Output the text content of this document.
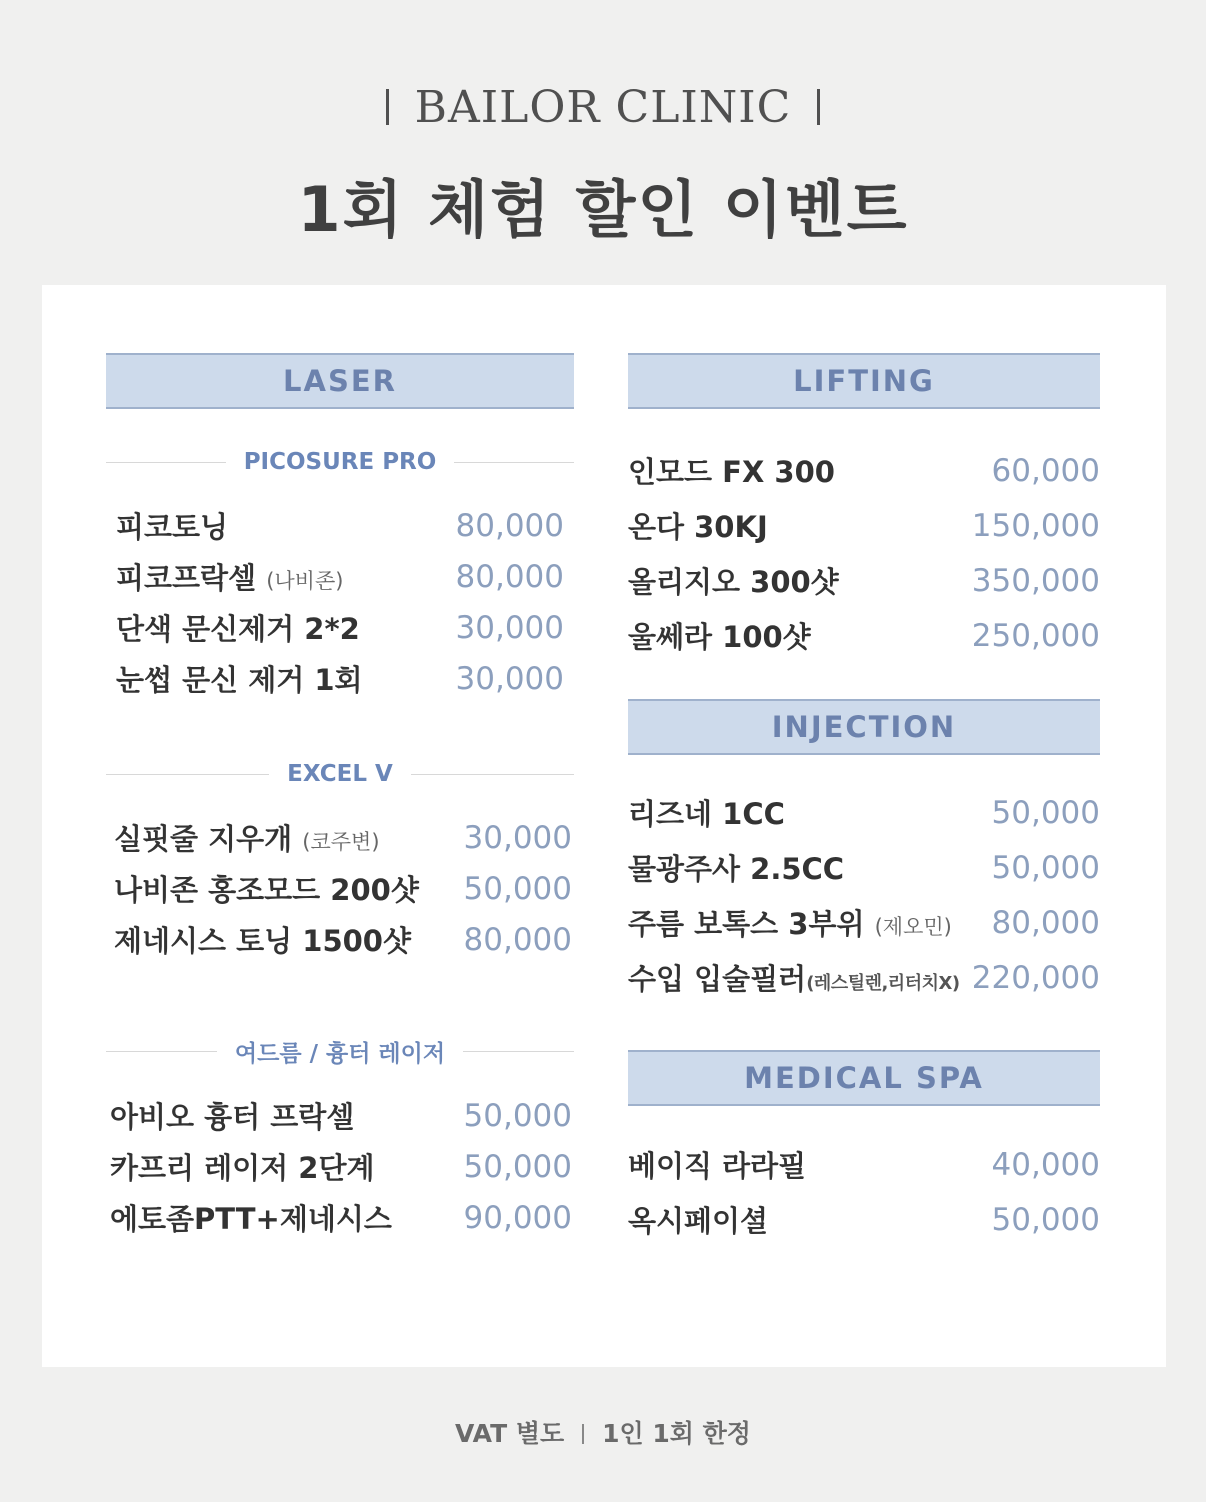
BAILOR CLINIC
1회 체험 할인 이벤트
LASER
PICOSURE PRO
피코토닝	80,000
피코프락셀 (나비존)	80,000
단색 문신제거 2*2	30,000
눈썹 문신 제거 1회	30,000
EXCEL V
실핏줄 지우개 (코주변)	30,000
나비존 홍조모드 200샷 50,000
제네시스 토닝 1500샷 80,000
여드름 / 흉터 레이저
아비오 흉터 프락셀	50,000
카프리 레이저 2단계	50,000
에토좀PTT+제네시스 90,000
LIFTING
인모드 FX 300	60,000
온다 30KJ	150,000
올리지오 300샷	350,000
울쎄라 100샷	250,000
INJECTION
리즈네 1CC	50,000
물광주사 2.5CC	50,000
주름 보톡스 3부위 (제오민) 80,000
수입 입술필러(레스틸렌,리터치X) 220,000
MEDICAL SPA
베이직 라라필	40,000
옥시페이셜	50,000
VAT 별도 1인 1회 한정
